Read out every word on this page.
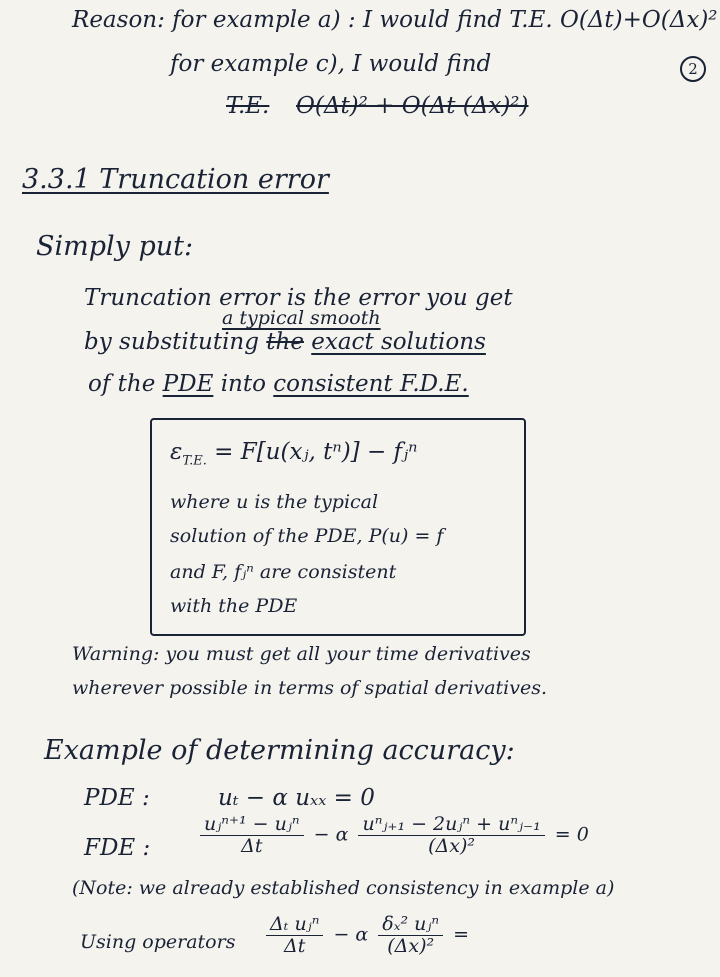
Reason: for example a) : I would find T.E. O(Δt)+O(Δx)²
for example c), I would find	2
T.E. O(Δt)² + O(Δt (Δx)²)
3.3.1 Truncation error
Simply put:
Truncation error is the error you get
a typical smooth
by substituting the exact solutions
of the PDE into consistent F.D.E.
$\varepsilon_{T.E.}$ = F[u(xⱼ, tⁿ)] − fⱼⁿ
where u is the typical
solution of the PDE, P(u) = f
and F, fⱼⁿ are consistent
with the PDE
Warning: you must get all your time derivatives
wherever possible in terms of spatial derivatives.
Example of determining accuracy:
PDE :	uₜ − α uₓₓ = 0
FDE :	$\frac{\text{uⱼⁿ⁺¹ − uⱼⁿ}}{\Delta t} - \alpha \frac{\text{uⁿⱼ₊₁ − 2uⱼⁿ + uⁿⱼ₋₁}}{\text{(Δx)²}} = 0$
(Note: we already established consistency in example a)
Using operators $\frac{\text{Δₜ uⱼⁿ}}{\Delta t} - \alpha \frac{\text{δₓ² uⱼⁿ}}{\text{(Δx)²}}$ =
